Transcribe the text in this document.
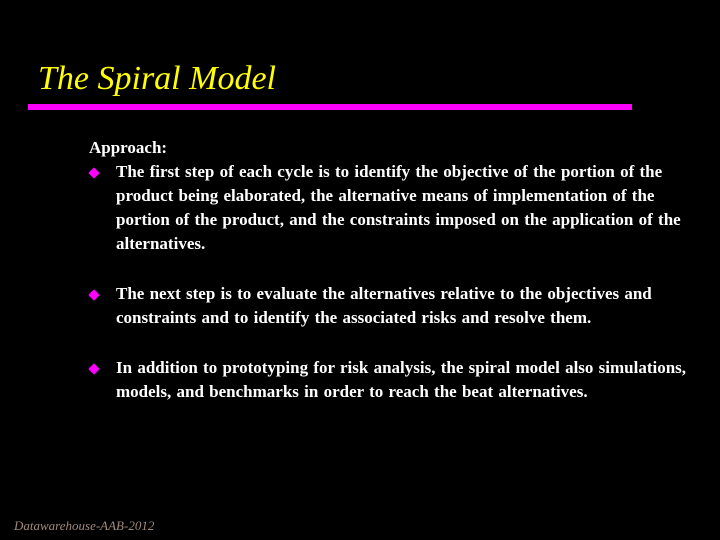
The Spiral Model
Approach:
The first step of each cycle is to identify the objective of the portion of the product being elaborated, the alternative means of implementation of the portion of the product, and the constraints imposed on the application of the alternatives.
The next step is to evaluate the alternatives relative to the objectives and constraints and to identify the associated risks and resolve them.
In addition to prototyping for risk analysis, the spiral model also simulations, models, and benchmarks in order to reach the beat alternatives.
Datawarehouse-AAB-2012
